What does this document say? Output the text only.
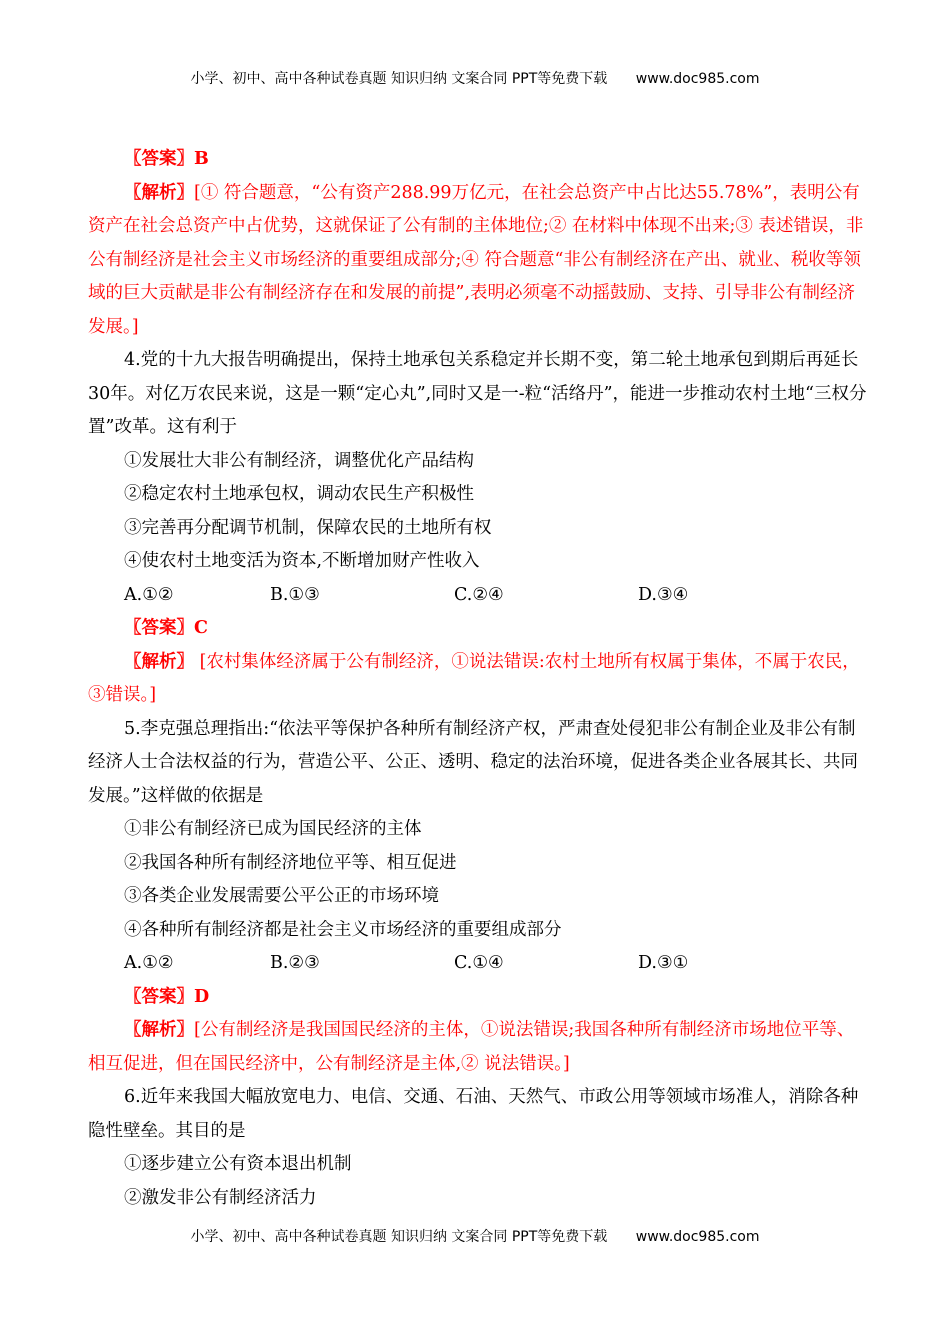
小学、初中、高中各种试卷真题 知识归纳 文案合同 PPT等免费下载 www.doc985.com

〖答案〗B

〖解析〗[① 符合题意，“公有资产288.99万亿元，在社会总资产中占比达55.78%”，表明公有资产在社会总资产中占优势，这就保证了公有制的主体地位;② 在材料中体现不出来;③ 表述错误，非公有制经济是社会主义市场经济的重要组成部分;④ 符合题意“非公有制经济在产出、就业、税收等领域的巨大贡献是非公有制经济存在和发展的前提”,表明必须毫不动摇鼓励、支持、引导非公有制经济发展。]

4.党的十九大报告明确提出，保持土地承包关系稳定并长期不变，第二轮土地承包到期后再延长30年。对亿万农民来说，这是一颗“定心丸”,同时又是一-粒“活络丹”，能进一步推动农村土地“三权分置”改革。这有利于

①发展壮大非公有制经济，调整优化产品结构

②稳定农村土地承包权，调动农民生产积极性

③完善再分配调节机制，保障农民的土地所有权

④使农村土地变活为资本,不断增加财产性收入

A.①②	B.①③	C.②④	D.③④

〖答案〗C

〖解析〗 [农村集体经济属于公有制经济，①说法错误:农村土地所有权属于集体，不属于农民，③错误。]

5.李克强总理指出:“依法平等保护各种所有制经济产权，严肃查处侵犯非公有制企业及非公有制经济人士合法权益的行为，营造公平、公正、透明、稳定的法治环境，促进各类企业各展其长、共同发展。”这样做的依据是

①非公有制经济已成为国民经济的主体

②我国各种所有制经济地位平等、相互促进

③各类企业发展需要公平公正的市场环境

④各种所有制经济都是社会主义市场经济的重要组成部分

A.①②	B.②③	C.①④	D.③①

〖答案〗D

〖解析〗[公有制经济是我国国民经济的主体，①说法错误;我国各种所有制经济市场地位平等、相互促进，但在国民经济中，公有制经济是主体,② 说法错误。]

6.近年来我国大幅放宽电力、电信、交通、石油、天然气、市政公用等领域市场准人，消除各种隐性壁垒。其目的是

①逐步建立公有资本退出机制

②激发非公有制经济活力

小学、初中、高中各种试卷真题 知识归纳 文案合同 PPT等免费下载 www.doc985.com
